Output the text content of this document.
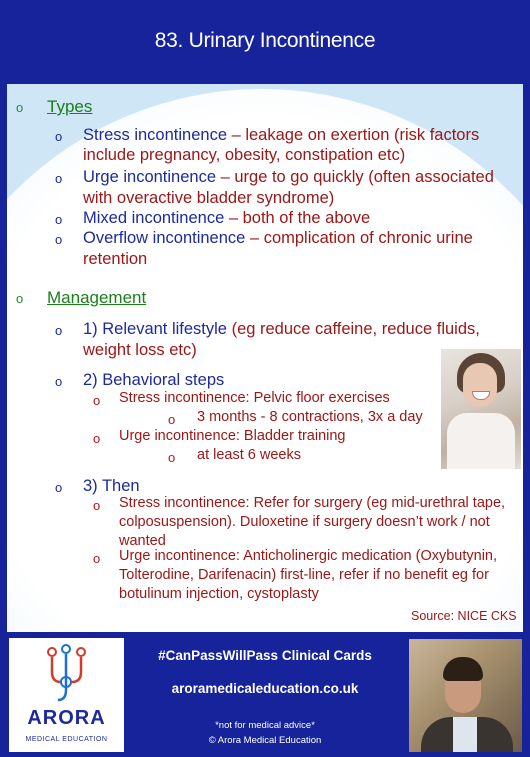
83. Urinary Incontinence
o Types
o Stress incontinence – leakage on exertion (risk factors
include pregnancy, obesity, constipation etc)
o Urge incontinence – urge to go quickly (often associated
with overactive bladder syndrome)
o Mixed incontinence – both of the above
o Overflow incontinence – complication of chronic urine
retention
o Management
o 1) Relevant lifestyle (eg reduce caffeine, reduce fluids,
weight loss etc)
o 2) Behavioral steps
o Stress incontinence: Pelvic floor exercises
o 3 months - 8 contractions, 3x a day
o Urge incontinence: Bladder training
o at least 6 weeks
o 3) Then
o Stress incontinence: Refer for surgery (eg mid-urethral tape,
colposuspension). Duloxetine if surgery doesn’t work / not
wanted
o Urge incontinence: Anticholinergic medication (Oxybutynin,
Tolterodine, Darifenacin) first-line, refer if no benefit eg for
botulinum injection, cystoplasty
Source: NICE CKS
ARORA
MEDICAL EDUCATION
#CanPassWillPass Clinical Cards
aroramedicaleducation.co.uk
*not for medical advice*
© Arora Medical Education
